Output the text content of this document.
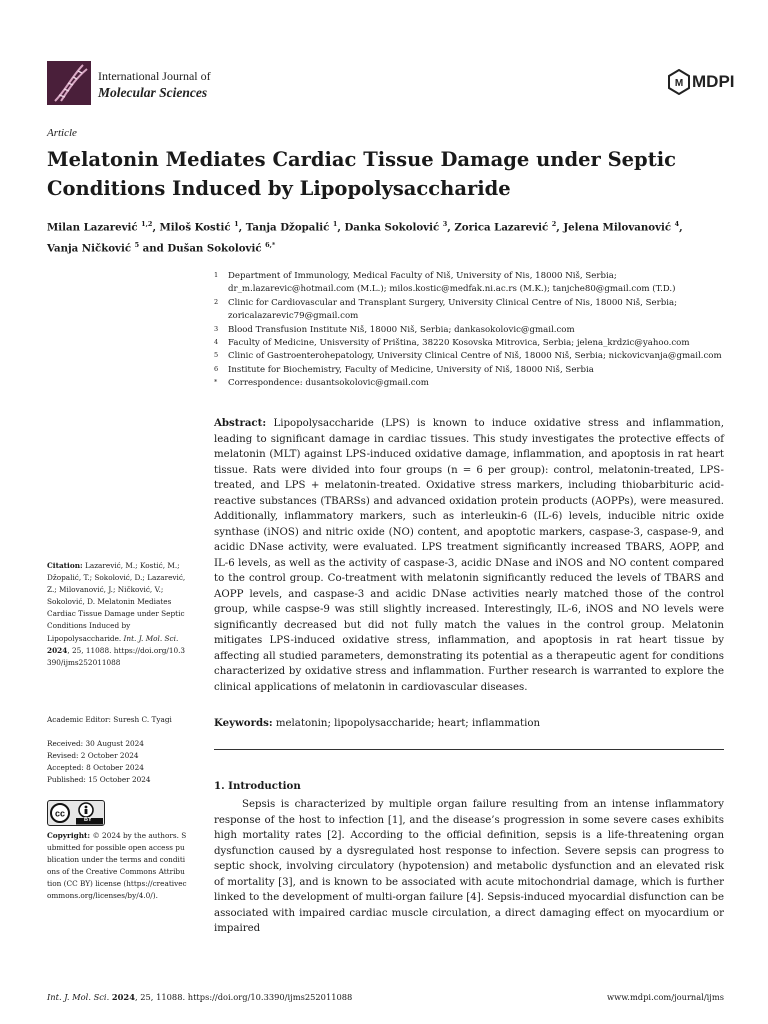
International Journal of
Molecular Sciences
M MDPI
Article
Melatonin Mediates Cardiac Tissue Damage under Septic Conditions Induced by Lipopolysaccharide
Milan Lazarević $^{1,2}$, Miloš Kostić $^1$, Tanja Džopalić $^1$, Danka Sokolović $^3$, Zorica Lazarević $^2$, Jelena Milovanović $^4$,
Vanja Ničković $^5$ and Dušan Sokolović $^{6,*}$
1 Department of Immunology, Medical Faculty of Niš, University of Nis, 18000 Niš, Serbia; dr_m.lazarevic@hotmail.com (M.L.); milos.kostic@medfak.ni.ac.rs (M.K.); tanjche80@gmail.com (T.D.)
2 Clinic for Cardiovascular and Transplant Surgery, University Clinical Centre of Nis, 18000 Niš, Serbia; zoricalazarevic79@gmail.com
3 Blood Transfusion Institute Niš, 18000 Niš, Serbia; dankasokolovic@gmail.com
4 Faculty of Medicine, Unisversity of Priština, 38220 Kosovska Mitrovica, Serbia; jelena_krdzic@yahoo.com
5 Clinic of Gastroenterohepatology, University Clinical Centre of Niš, 18000 Niš, Serbia; nickovicvanja@gmail.com
6 Institute for Biochemistry, Faculty of Medicine, University of Niš, 18000 Niš, Serbia
* Correspondence: dusantsokolovic@gmail.com
Citation: Lazarević, M.; Kostić, M.; Džopalić, T.; Sokolović, D.; Lazarević, Z.; Milovanović, J.; Ničković, V.; Sokolović, D. Melatonin Mediates Cardiac Tissue Damage under Septic Conditions Induced by Lipopolysaccharide. Int. J. Mol. Sci. 2024, 25, 11088. https://doi.org/10.3390/ijms252011088
Academic Editor: Suresh C. Tyagi
Received: 30 August 2024
Revised: 2 October 2024
Accepted: 8 October 2024
Published: 15 October 2024
cc
BY
Copyright: © 2024 by the authors. Submitted for possible open access publication under the terms and conditions of the Creative Commons Attribution (CC BY) license (https://creativecommons.org/licenses/by/4.0/).
Abstract: Lipopolysaccharide (LPS) is known to induce oxidative stress and inflammation, leading to significant damage in cardiac tissues. This study investigates the protective effects of melatonin (MLT) against LPS-induced oxidative damage, inflammation, and apoptosis in rat heart tissue. Rats were divided into four groups (n = 6 per group): control, melatonin-treated, LPS-treated, and LPS + melatonin-treated. Oxidative stress markers, including thiobarbituric acid-reactive substances (TBARSs) and advanced oxidation protein products (AOPPs), were measured. Additionally, inflammatory markers, such as interleukin-6 (IL-6) levels, inducible nitric oxide synthase (iNOS) and nitric oxide (NO) content, and apoptotic markers, caspase-3, caspase-9, and acidic DNase activity, were evaluated. LPS treatment significantly increased TBARS, AOPP, and IL-6 levels, as well as the activity of caspase-3, acidic DNase and iNOS and NO content compared to the control group. Co-treatment with melatonin significantly reduced the levels of TBARS and AOPP levels, and caspase-3 and acidic DNase activities nearly matched those of the control group, while caspse-9 was still slightly increased. Interestingly, IL-6, iNOS and NO levels were significantly decreased but did not fully match the values in the control group. Melatonin mitigates LPS-induced oxidative stress, inflammation, and apoptosis in rat heart tissue by affecting all studied parameters, demonstrating its potential as a therapeutic agent for conditions characterized by oxidative stress and inflammation. Further research is warranted to explore the clinical applications of melatonin in cardiovascular diseases.
Keywords: melatonin; lipopolysaccharide; heart; inflammation
1. Introduction
Sepsis is characterized by multiple organ failure resulting from an intense inflammatory response of the host to infection [1], and the disease’s progression in some severe cases exhibits high mortality rates [2]. According to the official definition, sepsis is a life-threatening organ dysfunction caused by a dysregulated host response to infection. Severe sepsis can progress to septic shock, involving circulatory (hypotension) and metabolic dysfunction and an elevated risk of mortality [3], and is known to be associated with acute mitochondrial damage, which is further linked to the development of multi-organ failure [4]. Sepsis-induced myocardial disfunction can be associated with impaired cardiac muscle circulation, a direct damaging effect on myocardium or impaired
Int. J. Mol. Sci. 2024, 25, 11088. https://doi.org/10.3390/ijms252011088	www.mdpi.com/journal/ijms
